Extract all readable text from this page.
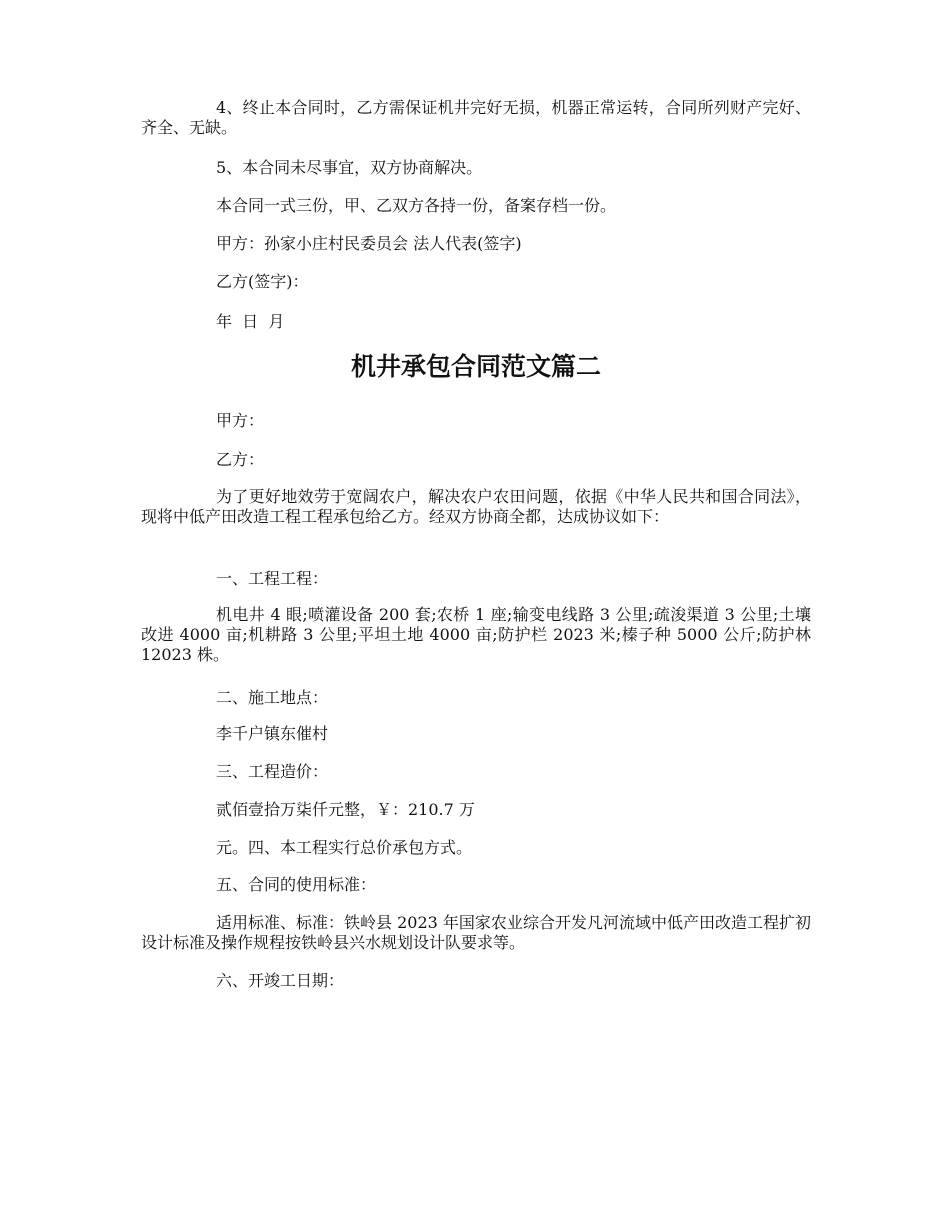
4、终止本合同时，乙方需保证机井完好无损，机器正常运转，合同所列财产完好、齐全、无缺。

5、本合同未尽事宜，双方协商解决。

本合同一式三份，甲、乙双方各持一份，备案存档一份。

甲方：孙家小庄村民委员会 法人代表(签字)

乙方(签字)：

年  日  月

机井承包合同范文篇二

甲方：

乙方：

为了更好地效劳于宽阔农户，解决农户农田问题，依据《中华人民共和国合同法》，现将中低产田改造工程工程承包给乙方。经双方协商全都，达成协议如下：

一、工程工程：

机电井 4 眼;喷灌设备 200 套;农桥 1 座;输变电线路 3 公里;疏浚渠道 3 公里;土壤改进 4000 亩;机耕路 3 公里;平坦土地 4000 亩;防护栏 2023 米;榛子种 5000 公斤;防护林 12023 株。

二、施工地点：

李千户镇东催村

三、工程造价：

贰佰壹拾万柒仟元整，￥：210.7 万

元。四、本工程实行总价承包方式。

五、合同的使用标准：

适用标准、标准：铁岭县 2023 年国家农业综合开发凡河流域中低产田改造工程扩初设计标准及操作规程按铁岭县兴水规划设计队要求等。

六、开竣工日期：
